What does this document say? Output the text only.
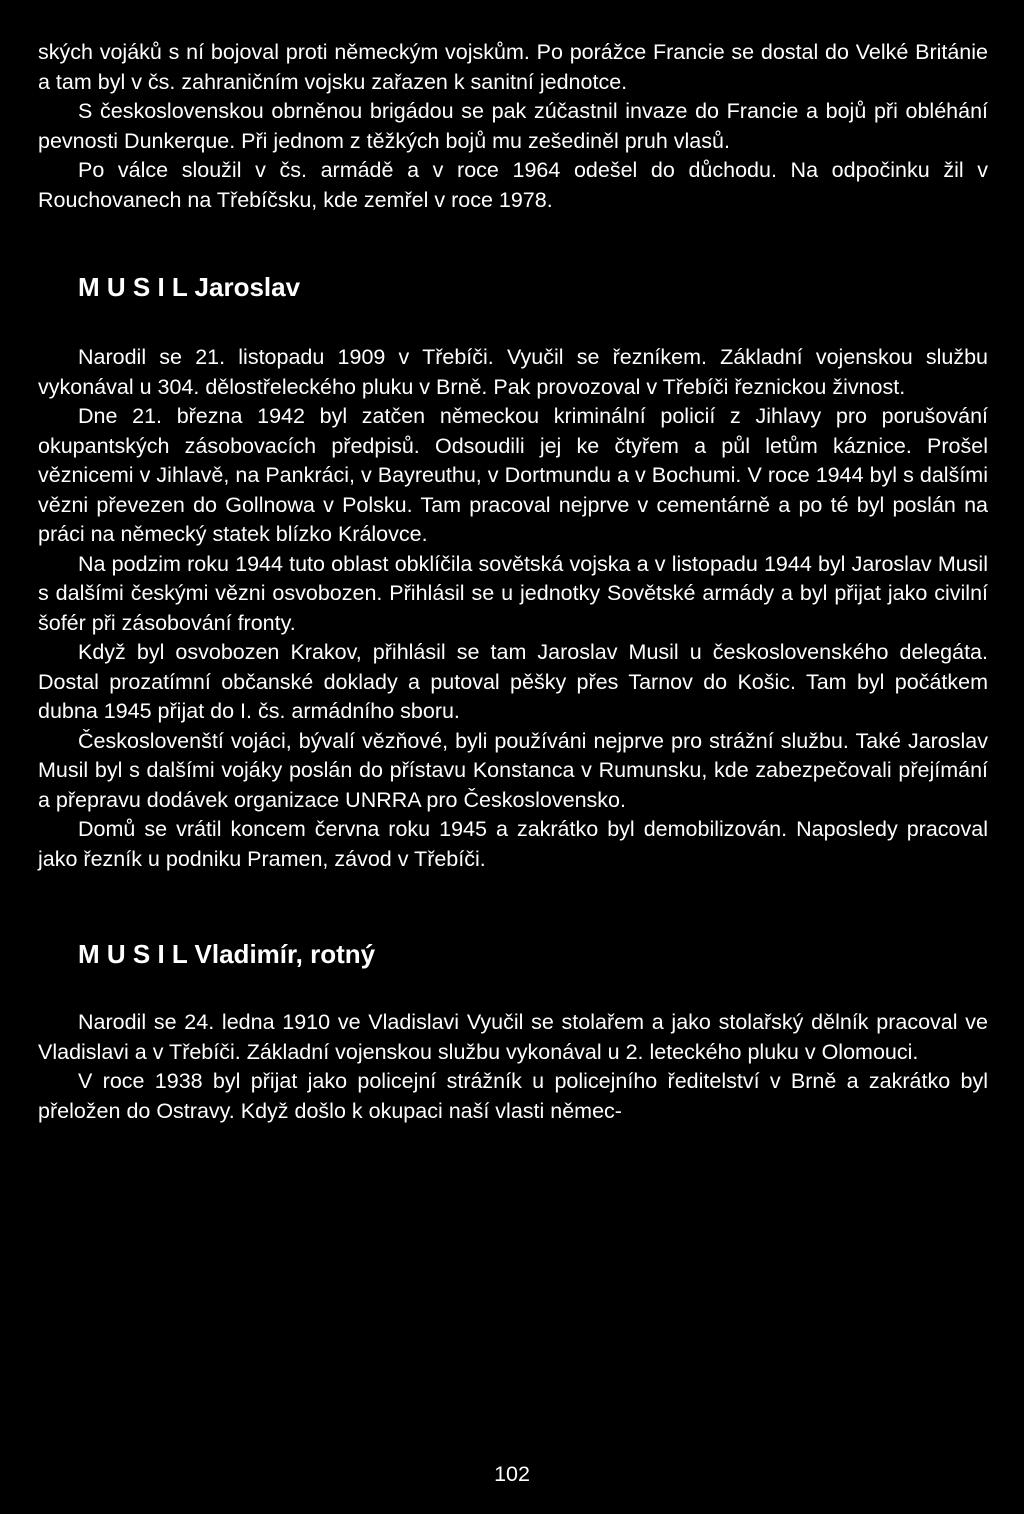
ských vojáků s ní bojoval proti německým vojskům. Po porážce Francie se dostal do Velké Británie a tam byl v čs. zahraničním vojsku zařazen k sanitní jednotce.

S československou obrněnou brigádou se pak zúčastnil invaze do Francie a bojů při obléhání pevnosti Dunkerque. Při jednom z těžkých bojů mu zešediněl pruh vlasů.

Po válce sloužil v čs. armádě a v roce 1964 odešel do důchodu. Na odpočinku žil v Rouchovanech na Třebíčsku, kde zemřel v roce 1978.

M U S I L Jaroslav

Narodil se 21. listopadu 1909 v Třebíči. Vyučil se řezníkem. Základní vojenskou službu vykonával u 304. dělostřeleckého pluku v Brně. Pak provozoval v Třebíči řeznickou živnost.

Dne 21. března 1942 byl zatčen německou kriminální policií z Jihlavy pro porušování okupantských zásobovacích předpisů. Odsoudili jej ke čtyřem a půl letům káznice. Prošel věznicemi v Jihlavě, na Pankráci, v Bayreuthu, v Dortmundu a v Bochumi. V roce 1944 byl s dalšími vězni převezen do Gollnowa v Polsku. Tam pracoval nejprve v cementárně a po té byl poslán na práci na německý statek blízko Královce.

Na podzim roku 1944 tuto oblast obklíčila sovětská vojska a v listopadu 1944 byl Jaroslav Musil s dalšími českými vězni osvobozen. Přihlásil se u jednotky Sovětské armády a byl přijat jako civilní šofér při zásobování fronty.

Když byl osvobozen Krakov, přihlásil se tam Jaroslav Musil u československého delegáta. Dostal prozatímní občanské doklady a putoval pěšky přes Tarnov do Košic. Tam byl počátkem dubna 1945 přijat do I. čs. armádního sboru.

Českoslovenští vojáci, bývalí vězňové, byli používáni nejprve pro strážní službu. Také Jaroslav Musil byl s dalšími vojáky poslán do přístavu Konstanca v Rumunsku, kde zabezpečovali přejímání a přepravu dodávek organizace UNRRA pro Československo.

Domů se vrátil koncem června roku 1945 a zakrátko byl demobilizován. Naposledy pracoval jako řezník u podniku Pramen, závod v Třebíči.

M U S I L Vladimír, rotný

Narodil se 24. ledna 1910 ve Vladislavi Vyučil se stolařem a jako stolařský dělník pracoval ve Vladislavi a v Třebíči. Základní vojenskou službu vykonával u 2. leteckého pluku v Olomouci.

V roce 1938 byl přijat jako policejní strážník u policejního ředitelství v Brně a zakrátko byl přeložen do Ostravy. Když došlo k okupaci naší vlasti němec-

102
